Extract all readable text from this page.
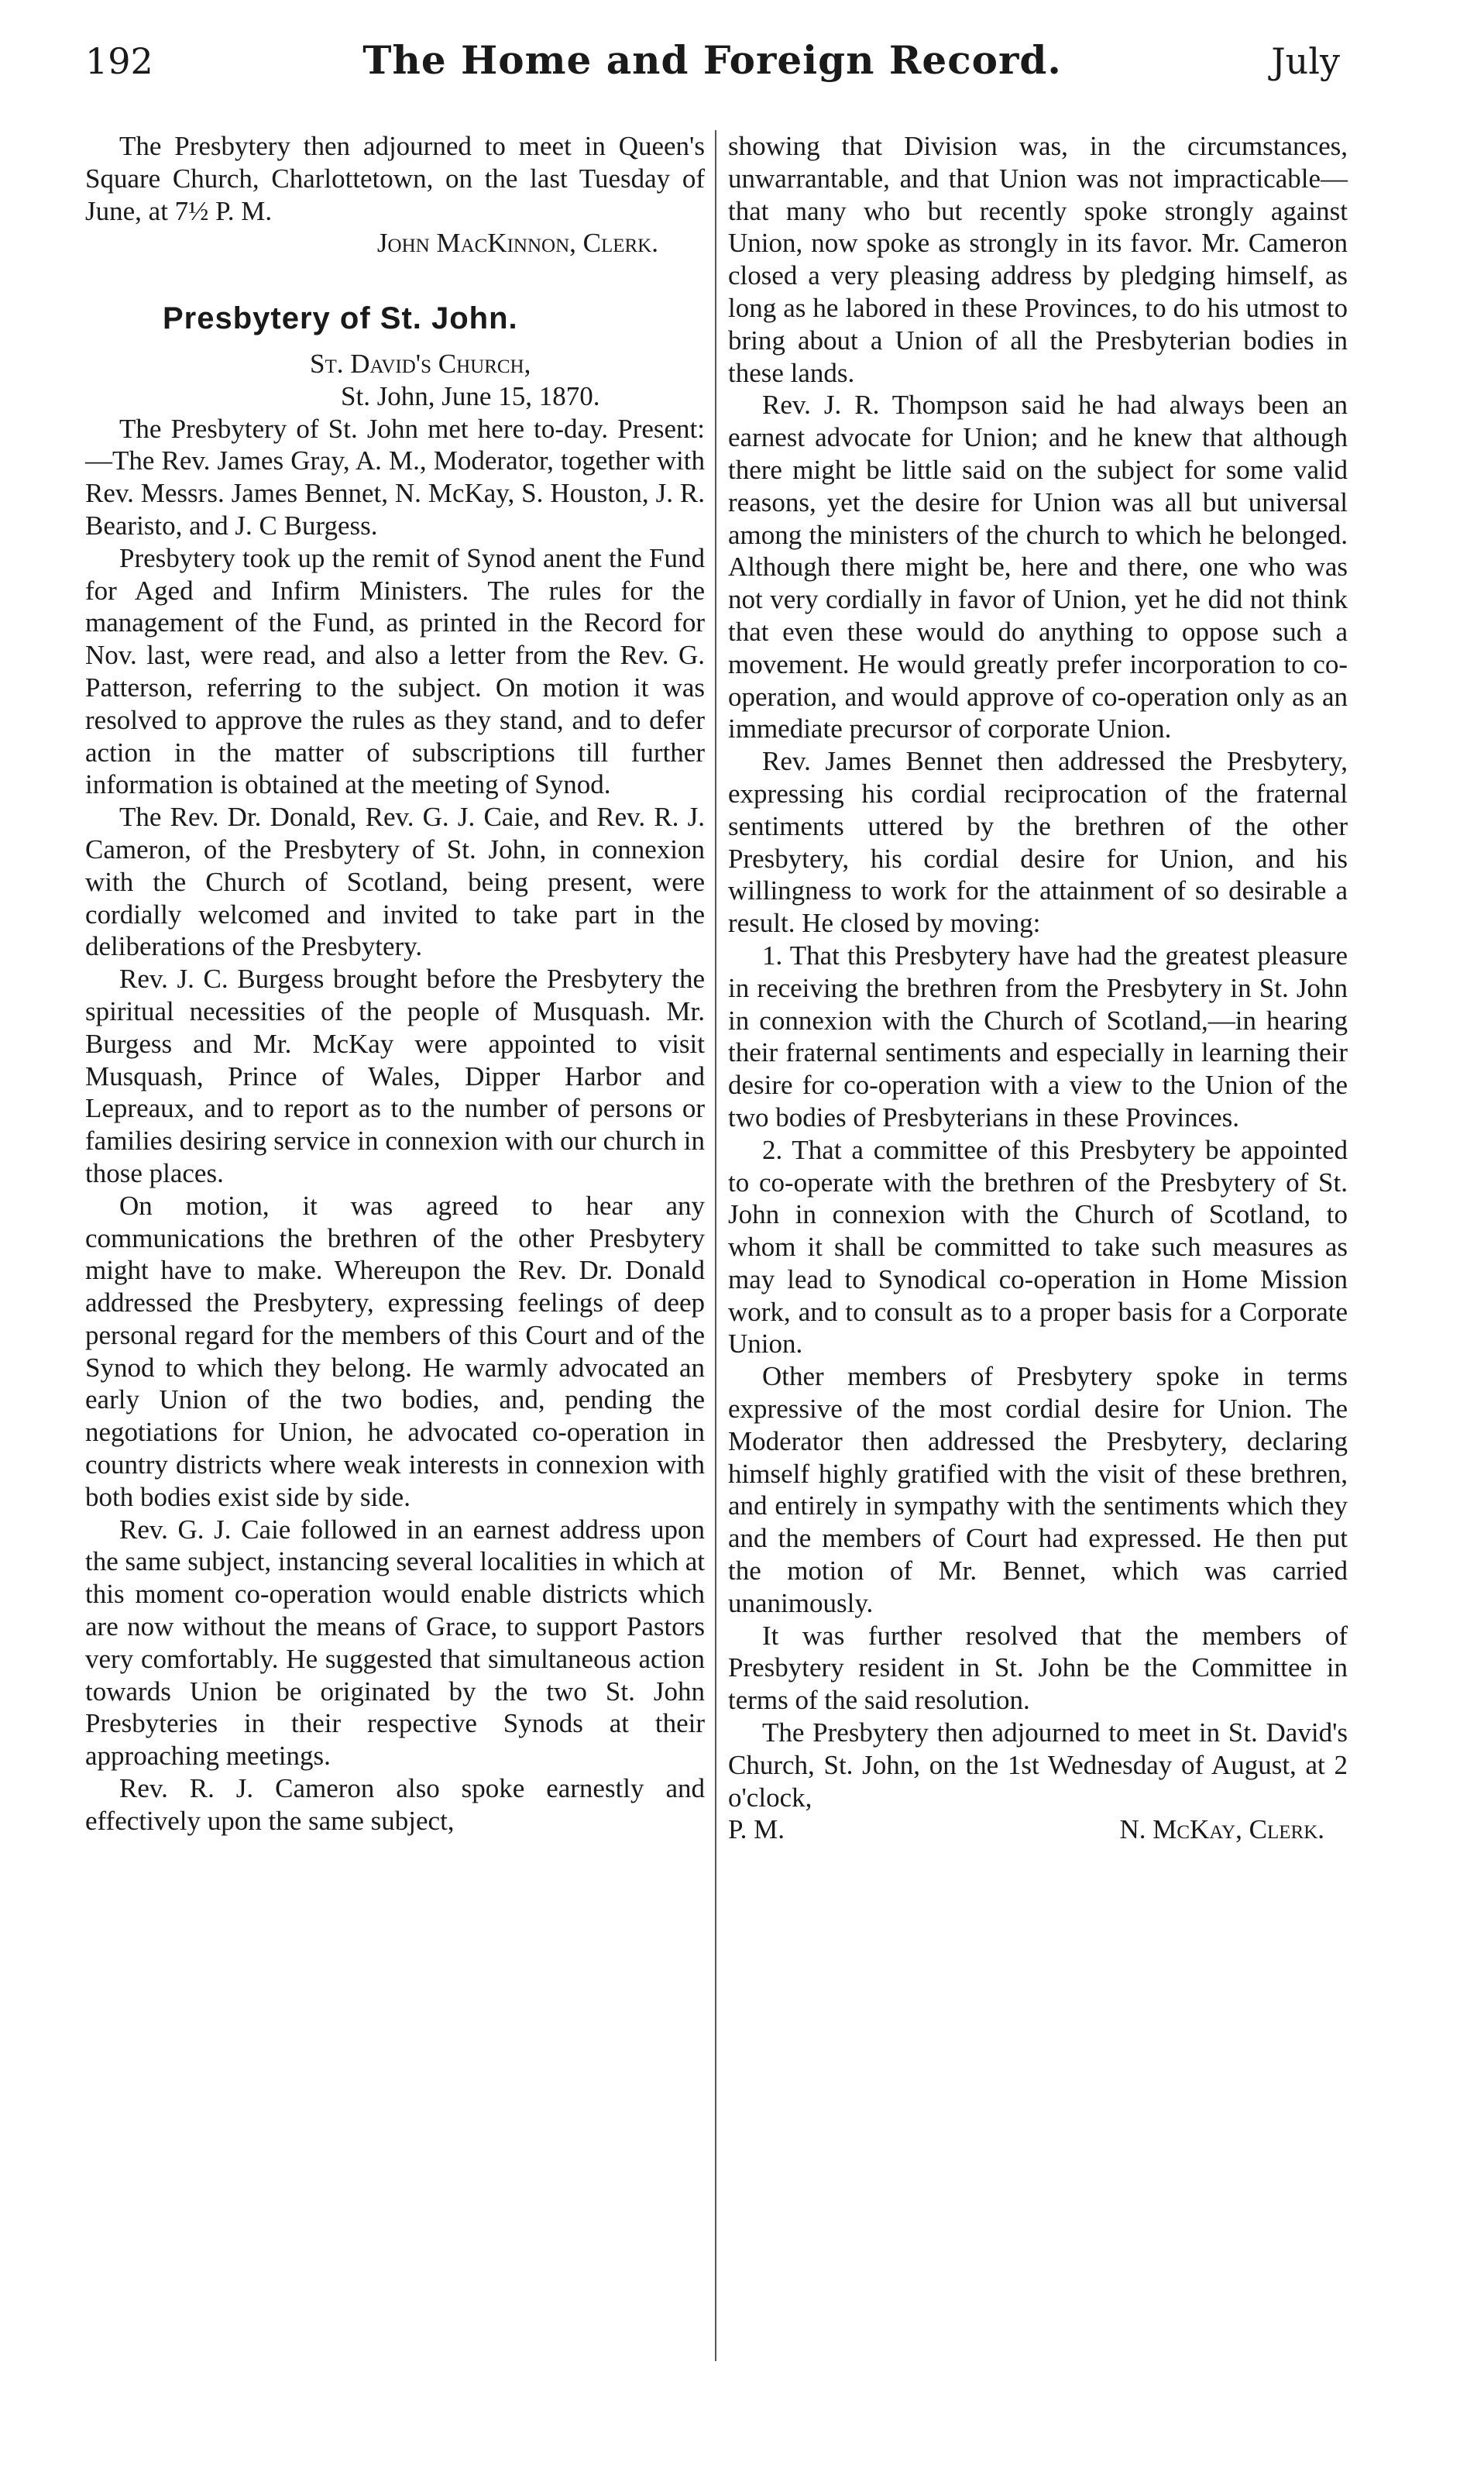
192	The Home and Foreign Record.	July

The Presbytery then adjourned to meet in Queen's Square Church, Charlottetown, on the last Tuesday of June, at 7½ P. M.

John MacKinnon, Clerk.

Presbytery of St. John.

St. David's Church,
St. John, June 15, 1870.

The Presbytery of St. John met here to-day. Present:—The Rev. James Gray, A. M., Moderator, together with Rev. Messrs. James Bennet, N. McKay, S. Houston, J. R. Bearisto, and J. C Burgess.

Presbytery took up the remit of Synod anent the Fund for Aged and Infirm Ministers. The rules for the management of the Fund, as printed in the Record for Nov. last, were read, and also a letter from the Rev. G. Patterson, referring to the subject. On motion it was resolved to approve the rules as they stand, and to defer action in the matter of subscriptions till further information is obtained at the meeting of Synod.

The Rev. Dr. Donald, Rev. G. J. Caie, and Rev. R. J. Cameron, of the Presbytery of St. John, in connexion with the Church of Scotland, being present, were cordially welcomed and invited to take part in the deliberations of the Presbytery.

Rev. J. C. Burgess brought before the Presbytery the spiritual necessities of the people of Musquash. Mr. Burgess and Mr. McKay were appointed to visit Musquash, Prince of Wales, Dipper Harbor and Lepreaux, and to report as to the number of persons or families desiring service in connexion with our church in those places.

On motion, it was agreed to hear any communications the brethren of the other Presbytery might have to make. Whereupon the Rev. Dr. Donald addressed the Presbytery, expressing feelings of deep personal regard for the members of this Court and of the Synod to which they belong. He warmly advocated an early Union of the two bodies, and, pending the negotiations for Union, he advocated co-operation in country districts where weak interests in connexion with both bodies exist side by side.

Rev. G. J. Caie followed in an earnest address upon the same subject, instancing several localities in which at this moment co-operation would enable districts which are now without the means of Grace, to support Pastors very comfortably. He suggested that simultaneous action towards Union be originated by the two St. John Presbyteries in their respective Synods at their approaching meetings.

Rev. R. J. Cameron also spoke earnestly and effectively upon the same subject,

showing that Division was, in the circumstances, unwarrantable, and that Union was not impracticable—that many who but recently spoke strongly against Union, now spoke as strongly in its favor. Mr. Cameron closed a very pleasing address by pledging himself, as long as he labored in these Provinces, to do his utmost to bring about a Union of all the Presbyterian bodies in these lands.

Rev. J. R. Thompson said he had always been an earnest advocate for Union; and he knew that although there might be little said on the subject for some valid reasons, yet the desire for Union was all but universal among the ministers of the church to which he belonged. Although there might be, here and there, one who was not very cordially in favor of Union, yet he did not think that even these would do anything to oppose such a movement. He would greatly prefer incorporation to co-operation, and would approve of co-operation only as an immediate precursor of corporate Union.

Rev. James Bennet then addressed the Presbytery, expressing his cordial reciprocation of the fraternal sentiments uttered by the brethren of the other Presbytery, his cordial desire for Union, and his willingness to work for the attainment of so desirable a result. He closed by moving:

1. That this Presbytery have had the greatest pleasure in receiving the brethren from the Presbytery in St. John in connexion with the Church of Scotland,—in hearing their fraternal sentiments and especially in learning their desire for co-operation with a view to the Union of the two bodies of Presbyterians in these Provinces.

2. That a committee of this Presbytery be appointed to co-operate with the brethren of the Presbytery of St. John in connexion with the Church of Scotland, to whom it shall be committed to take such measures as may lead to Synodical co-operation in Home Mission work, and to consult as to a proper basis for a Corporate Union.

Other members of Presbytery spoke in terms expressive of the most cordial desire for Union. The Moderator then addressed the Presbytery, declaring himself highly gratified with the visit of these brethren, and entirely in sympathy with the sentiments which they and the members of Court had expressed. He then put the motion of Mr. Bennet, which was carried unanimously.

It was further resolved that the members of Presbytery resident in St. John be the Committee in terms of the said resolution.

The Presbytery then adjourned to meet in St. David's Church, St. John, on the 1st Wednesday of August, at 2 o'clock,

P. M.	N. McKay, Clerk.
